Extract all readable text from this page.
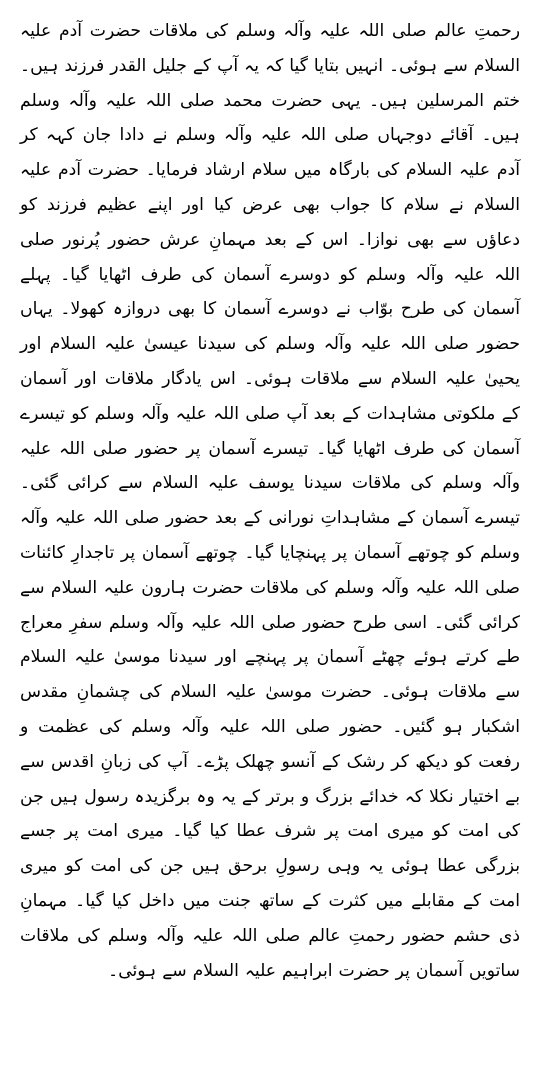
رحمتِ عالم صلی اللہ علیہ وآلہ وسلم کی ملاقات حضرت آدم علیہ السلام سے ہوئی۔ انہیں بتایا گیا کہ یہ آپ کے جلیل القدر فرزند ہیں۔ ختم المرسلین ہیں۔ یہی حضرت محمد صلی اللہ علیہ وآلہ وسلم ہیں۔ آقائے دوجہاں صلی اللہ علیہ وآلہ وسلم نے دادا جان کہہ کر آدم علیہ السلام کی بارگاہ میں سلام ارشاد فرمایا۔ حضرت آدم علیہ السلام نے سلام کا جواب بھی عرض کیا اور اپنے عظیم فرزند کو دعاؤں سے بھی نوازا۔ اس کے بعد مہمانِ عرش حضور پُرنور صلی اللہ علیہ وآلہ وسلم کو دوسرے آسمان کی طرف اٹھایا گیا۔ پہلے آسمان کی طرح بوّاب نے دوسرے آسمان کا بھی دروازہ کھولا۔ یہاں حضور صلی اللہ علیہ وآلہ وسلم کی سیدنا عیسیٰ علیہ السلام اور یحییٰ علیہ السلام سے ملاقات ہوئی۔ اس یادگار ملاقات اور آسمان کے ملکوتی مشاہدات کے بعد آپ صلی اللہ علیہ وآلہ وسلم کو تیسرے آسمان کی طرف اٹھایا گیا۔ تیسرے آسمان پر حضور صلی اللہ علیہ وآلہ وسلم کی ملاقات سیدنا یوسف علیہ السلام سے کرائی گئی۔ تیسرے آسمان کے مشاہداتِ نورانی کے بعد حضور صلی اللہ علیہ وآلہ وسلم کو چوتھے آسمان پر پہنچایا گیا۔ چوتھے آسمان پر تاجدارِ کائنات صلی اللہ علیہ وآلہ وسلم کی ملاقات حضرت ہارون علیہ السلام سے کرائی گئی۔ اسی طرح حضور صلی اللہ علیہ وآلہ وسلم سفرِ معراج طے کرتے ہوئے چھٹے آسمان پر پہنچے اور سیدنا موسیٰ علیہ السلام سے ملاقات ہوئی۔ حضرت موسیٰ علیہ السلام کی چشمانِ مقدس اشکبار ہو گئیں۔ حضور صلی اللہ علیہ وآلہ وسلم کی عظمت و رفعت کو دیکھ کر رشک کے آنسو چھلک پڑے۔ آپ کی زبانِ اقدس سے بے اختیار نکلا کہ خدائے بزرگ و برتر کے یہ وہ برگزیدہ رسول ہیں جن کی امت کو میری امت پر شرف عطا کیا گیا۔ میری امت پر جسے بزرگی عطا ہوئی یہ وہی رسولِ برحق ہیں جن کی امت کو میری امت کے مقابلے میں کثرت کے ساتھ جنت میں داخل کیا گیا۔ مہمانِ ذی حشم حضور رحمتِ عالم صلی اللہ علیہ وآلہ وسلم کی ملاقات ساتویں آسمان پر حضرت ابراہیم علیہ السلام سے ہوئی۔
